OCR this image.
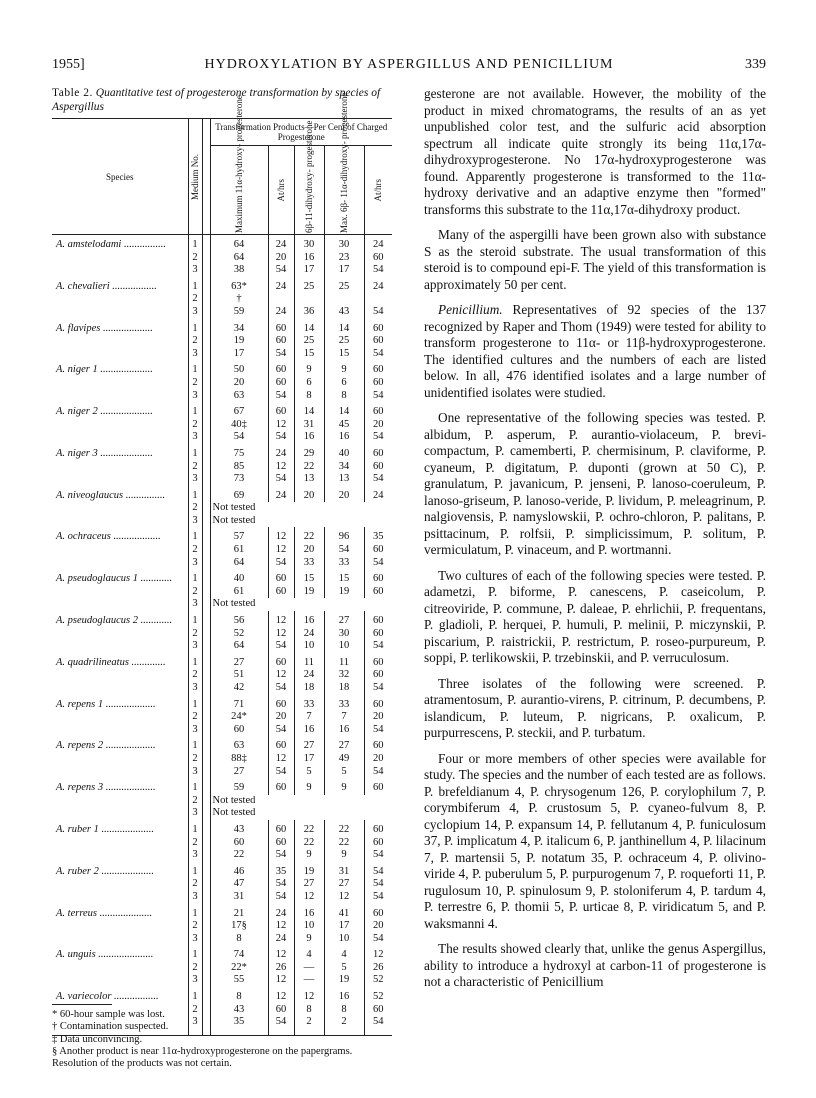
1955]	HYDROXYLATION BY ASPERGILLUS AND PENICILLIUM	339
Table 2. Quantitative test of progesterone transformation by species of Aspergillus
Species	Medium No.		Transformation Products—Per Cent of Charged Progesterone				

			Maximum 11α-hydroxy- progesterone	At/hrs	6β-11-dihydroxy- progesterone	Max. 6β- 11α-dihydroxy- progesterone	At/hrs

A. amstelodami ................	1		64	24	30	30	24
	2		64	20	16	23	60
	3		38	54	17	17	54
A. chevalieri .................	1		63*	24	25	25	24
	2		†				
	3		59	24	36	43	54
A. flavipes ...................	1		34	60	14	14	60
	2		19	60	25	25	60
	3		17	54	15	15	54
A. niger 1 ....................	1		50	60	9	9	60
	2		20	60	6	6	60
	3		63	54	8	8	54
A. niger 2 ....................	1		67	60	14	14	60
	2		40‡	12	31	45	20
	3		54	54	16	16	54
A. niger 3 ....................	1		75	24	29	40	60
	2		85	12	22	34	60
	3		73	54	13	13	54
A. niveoglaucus ...............	1		69	24	20	20	24
	2		Not tested				
	3		Not tested				
A. ochraceus ..................	1		57	12	22	96	35
	2		61	12	20	54	60
	3		64	54	33	33	54
A. pseudoglaucus 1 ............	1		40	60	15	15	60
	2		61	60	19	19	60
	3		Not tested				
A. pseudoglaucus 2 ............	1		56	12	16	27	60
	2		52	12	24	30	60
	3		64	54	10	10	54
A. quadrilineatus .............	1		27	60	11	11	60
	2		51	12	24	32	60
	3		42	54	18	18	54
A. repens 1 ...................	1		71	60	33	33	60
	2		24*	20	7	7	20
	3		60	54	16	16	54
A. repens 2 ...................	1		63	60	27	27	60
	2		88‡	12	17	49	20
	3		27	54	5	5	54
A. repens 3 ...................	1		59	60	9	9	60
	2		Not tested				
	3		Not tested				
A. ruber 1 ....................	1		43	60	22	22	60
	2		60	60	22	22	60
	3		22	54	9	9	54
A. ruber 2 ....................	1		46	35	19	31	54
	2		47	54	27	27	54
	3		31	54	12	12	54
A. terreus ....................	1		21	24	16	41	60
	2		17§	12	10	17	20
	3		8	24	9	10	54
A. unguis .....................	1		74	12	4	4	12
	2		22*	26	—	5	26
	3		55	12	—	19	52
A. variecolor .................	1		8	12	12	16	52
	2		43	60	8	8	60
	3		35	54	2	2	54

* 60-hour sample was lost.
† Contamination suspected.
‡ Data unconvincing.
§ Another product is near 11α-hydroxyprogesterone on the papergrams. Resolution of the products was not certain.

gesterone are not available. However, the mobility of the product in mixed chromatograms, the results of an as yet unpublished color test, and the sulfuric acid absorption spectrum all indicate quite strongly its being 11α,17α-dihydroxyprogesterone. No 17α-hydroxyprogesterone was found. Apparently progesterone is transformed to the 11α-hydroxy derivative and an adaptive enzyme then "formed" transforms this substrate to the 11α,17α-dihydroxy product.

Many of the aspergilli have been grown also with substance S as the steroid substrate. The usual transformation of this steroid is to compound epi-F. The yield of this transformation is approximately 50 per cent.

Penicillium. Representatives of 92 species of the 137 recognized by Raper and Thom (1949) were tested for ability to transform progesterone to 11α- or 11β-hydroxyprogesterone. The identified cultures and the numbers of each are listed below. In all, 476 identified isolates and a large number of unidentified isolates were studied.

One representative of the following species was tested. P. albidum, P. asperum, P. aurantio-violaceum, P. brevi-compactum, P. camemberti, P. chermisinum, P. claviforme, P. cyaneum, P. digitatum, P. duponti (grown at 50 C), P. granulatum, P. javanicum, P. jenseni, P. lanoso-coeruleum, P. lanoso-griseum, P. lanoso-veride, P. lividum, P. meleagrinum, P. nalgiovensis, P. namyslowskii, P. ochro-chloron, P. palitans, P. psittacinum, P. rolfsii, P. simplicissimum, P. solitum, P. vermiculatum, P. vinaceum, and P. wortmanni.

Two cultures of each of the following species were tested. P. adametzi, P. biforme, P. canescens, P. caseicolum, P. citreoviride, P. commune, P. daleae, P. ehrlichii, P. frequentans, P. gladioli, P. herquei, P. humuli, P. melinii, P. miczynskii, P. piscarium, P. raistrickii, P. restrictum, P. roseo-purpureum, P. soppi, P. terlikowskii, P. trzebinskii, and P. verruculosum.

Three isolates of the following were screened. P. atramentosum, P. aurantio-virens, P. citrinum, P. decumbens, P. islandicum, P. luteum, P. nigricans, P. oxalicum, P. purpurrescens, P. steckii, and P. turbatum.

Four or more members of other species were available for study. The species and the number of each tested are as follows. P. brefeldianum 4, P. chrysogenum 126, P. corylophilum 7, P. corymbiferum 4, P. crustosum 5, P. cyaneo-fulvum 8, P. cyclopium 14, P. expansum 14, P. fellutanum 4, P. funiculosum 37, P. implicatum 4, P. italicum 6, P. janthinellum 4, P. lilacinum 7, P. martensii 5, P. notatum 35, P. ochraceum 4, P. olivino-viride 4, P. puberulum 5, P. purpurogenum 7, P. roqueforti 11, P. rugulosum 10, P. spinulosum 9, P. stoloniferum 4, P. tardum 4, P. terrestre 6, P. thomii 5, P. urticae 8, P. viridicatum 5, and P. waksmanni 4.

The results showed clearly that, unlike the genus Aspergillus, ability to introduce a hydroxyl at carbon-11 of progesterone is not a characteristic of Penicillium
